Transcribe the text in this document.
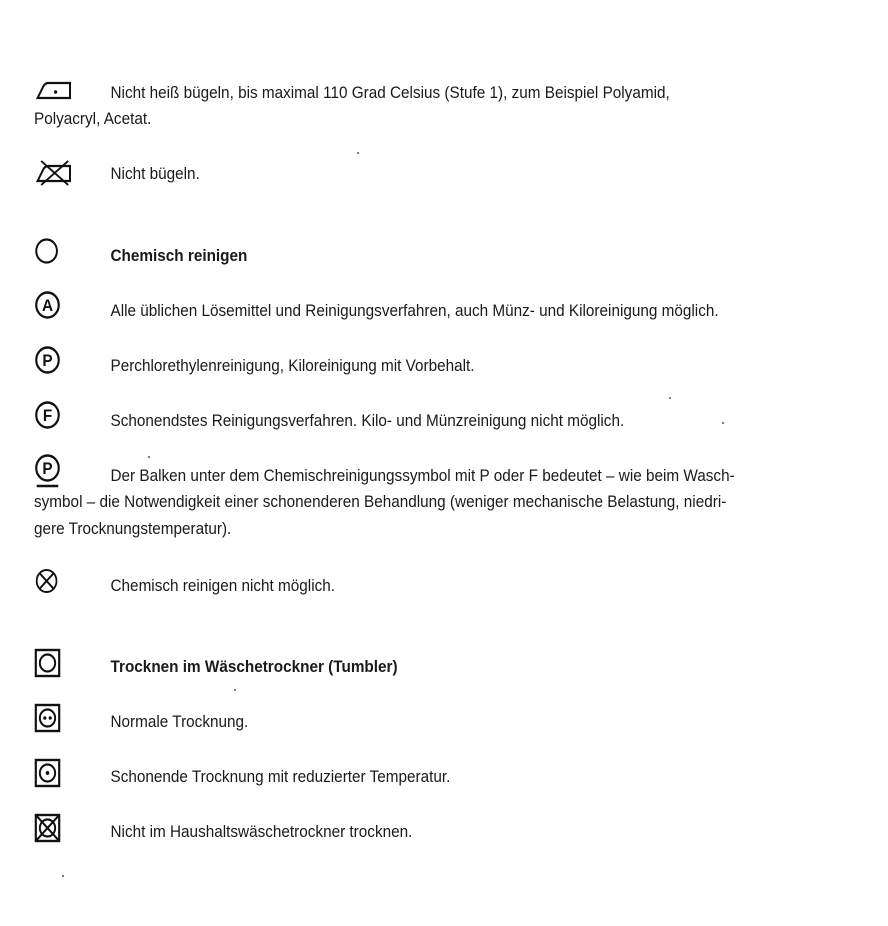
Nicht heiß bügeln, bis maximal 110 Grad Celsius (Stufe 1), zum Beispiel Polyamid,
Polyacryl, Acetat.
Nicht bügeln.
Chemisch reinigen
A	Alle üblichen Lösemittel und Reinigungsverfahren, auch Münz- und Kiloreinigung möglich.
P	Perchlorethylenreinigung, Kiloreinigung mit Vorbehalt.
F	Schonendstes Reinigungsverfahren. Kilo- und Münzreinigung nicht möglich.
P	Der Balken unter dem Chemischreinigungssymbol mit P oder F bedeutet – wie beim Wasch-
symbol – die Notwendigkeit einer schonenderen Behandlung (weniger mechanische Belastung, niedri-
gere Trocknungstemperatur).
Chemisch reinigen nicht möglich.
Trocknen im Wäschetrockner (Tumbler)
Normale Trocknung.
Schonende Trocknung mit reduzierter Temperatur.
Nicht im Haushaltswäschetrockner trocknen.
